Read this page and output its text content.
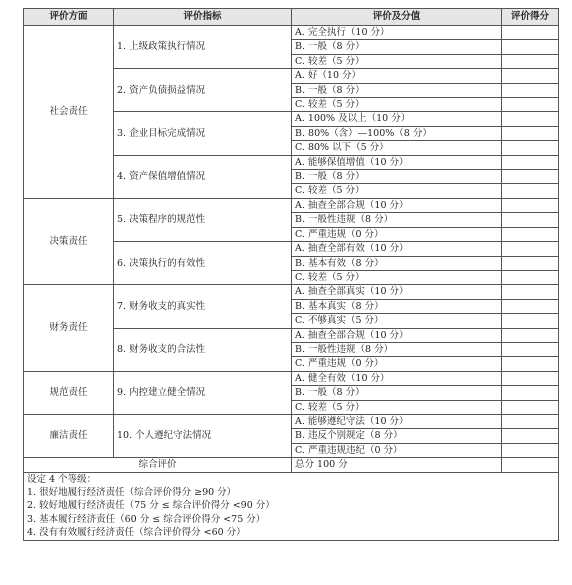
评价方面	评价指标	评价及分值	评价得分
社会责任	1. 上级政策执行情况	A. 完全执行（10 分）	
		B. 一般（8 分）	
		C. 较差（5 分）	
	2. 资产负债损益情况	A. 好（10 分）	
		B. 一般（8 分）	
		C. 较差（5 分）	
	3. 企业目标完成情况	A. 100% 及以上（10 分）	
		B. 80%（含）—100%（8 分）	
		C. 80% 以下（5 分）	
	4. 资产保值增值情况	A. 能够保值增值（10 分）	
		B. 一般（8 分）	
		C. 较差（5 分）	
决策责任	5. 决策程序的规范性	A. 抽查全部合规（10 分）	
		B. 一般性违规（8 分）	
		C. 严重违规（0 分）	
	6. 决策执行的有效性	A. 抽查全部有效（10 分）	
		B. 基本有效（8 分）	
		C. 较差（5 分）	
财务责任	7. 财务收支的真实性	A. 抽查全部真实（10 分）	
		B. 基本真实（8 分）	
		C. 不够真实（5 分）	
	8. 财务收支的合法性	A. 抽查全部合规（10 分）	
		B. 一般性违规（8 分）	
		C. 严重违规（0 分）	
规范责任	9. 内控建立健全情况	A. 健全有效（10 分）	
		B. 一般（8 分）	
		C. 较差（5 分）	
廉洁责任	10. 个人遵纪守法情况	A. 能够遵纪守法（10 分）	
		B. 违反个别规定（8 分）	
		C. 严重违规违纪（0 分）	
综合评价		总分 100 分	

设定 4 个等级：
1. 很好地履行经济责任（综合评价得分 ≥90 分）
2. 较好地履行经济责任（75 分 ≤ 综合评价得分 <90 分）
3. 基本履行经济责任（60 分 ≤ 综合评价得分 <75 分）
4. 没有有效履行经济责任（综合评价得分 <60 分）			
